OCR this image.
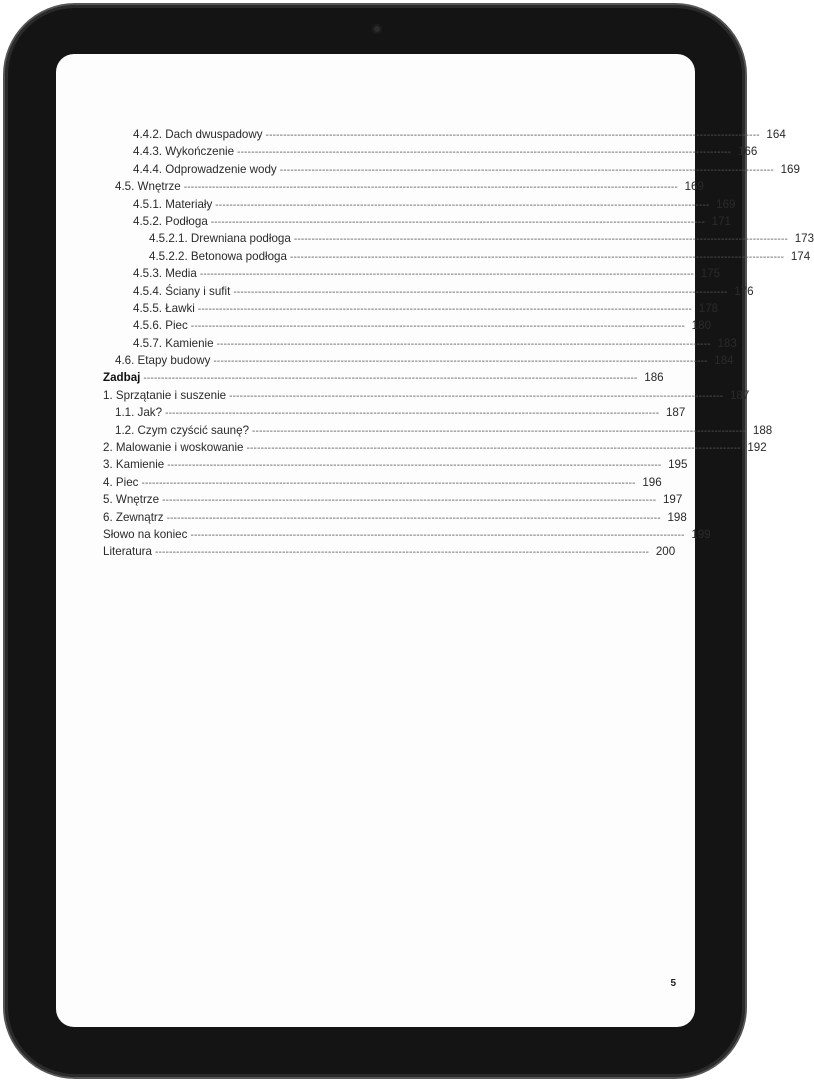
4.4.2. Dach dwuspadowy -------------------------------------------------------------------------------------------------------------------------------------------- 164
4.4.3. Wykończenie -------------------------------------------------------------------------------------------------------------------------------------------- 166
4.4.4. Odprowadzenie wody -------------------------------------------------------------------------------------------------------------------------------------------- 169
4.5. Wnętrze -------------------------------------------------------------------------------------------------------------------------------------------- 169
4.5.1. Materiały -------------------------------------------------------------------------------------------------------------------------------------------- 169
4.5.2. Podłoga -------------------------------------------------------------------------------------------------------------------------------------------- 171
4.5.2.1. Drewniana podłoga -------------------------------------------------------------------------------------------------------------------------------------------- 173
4.5.2.2. Betonowa podłoga -------------------------------------------------------------------------------------------------------------------------------------------- 174
4.5.3. Media -------------------------------------------------------------------------------------------------------------------------------------------- 175
4.5.4. Ściany i sufit -------------------------------------------------------------------------------------------------------------------------------------------- 176
4.5.5. Ławki -------------------------------------------------------------------------------------------------------------------------------------------- 178
4.5.6. Piec -------------------------------------------------------------------------------------------------------------------------------------------- 180
4.5.7. Kamienie -------------------------------------------------------------------------------------------------------------------------------------------- 183
4.6. Etapy budowy -------------------------------------------------------------------------------------------------------------------------------------------- 184
Zadbaj -------------------------------------------------------------------------------------------------------------------------------------------- 186
1. Sprzątanie i suszenie -------------------------------------------------------------------------------------------------------------------------------------------- 187
1.1. Jak? -------------------------------------------------------------------------------------------------------------------------------------------- 187
1.2. Czym czyścić saunę? -------------------------------------------------------------------------------------------------------------------------------------------- 188
2. Malowanie i woskowanie -------------------------------------------------------------------------------------------------------------------------------------------- 192
3. Kamienie -------------------------------------------------------------------------------------------------------------------------------------------- 195
4. Piec -------------------------------------------------------------------------------------------------------------------------------------------- 196
5. Wnętrze -------------------------------------------------------------------------------------------------------------------------------------------- 197
6. Zewnątrz -------------------------------------------------------------------------------------------------------------------------------------------- 198
Słowo na koniec -------------------------------------------------------------------------------------------------------------------------------------------- 199
Literatura -------------------------------------------------------------------------------------------------------------------------------------------- 200
5
